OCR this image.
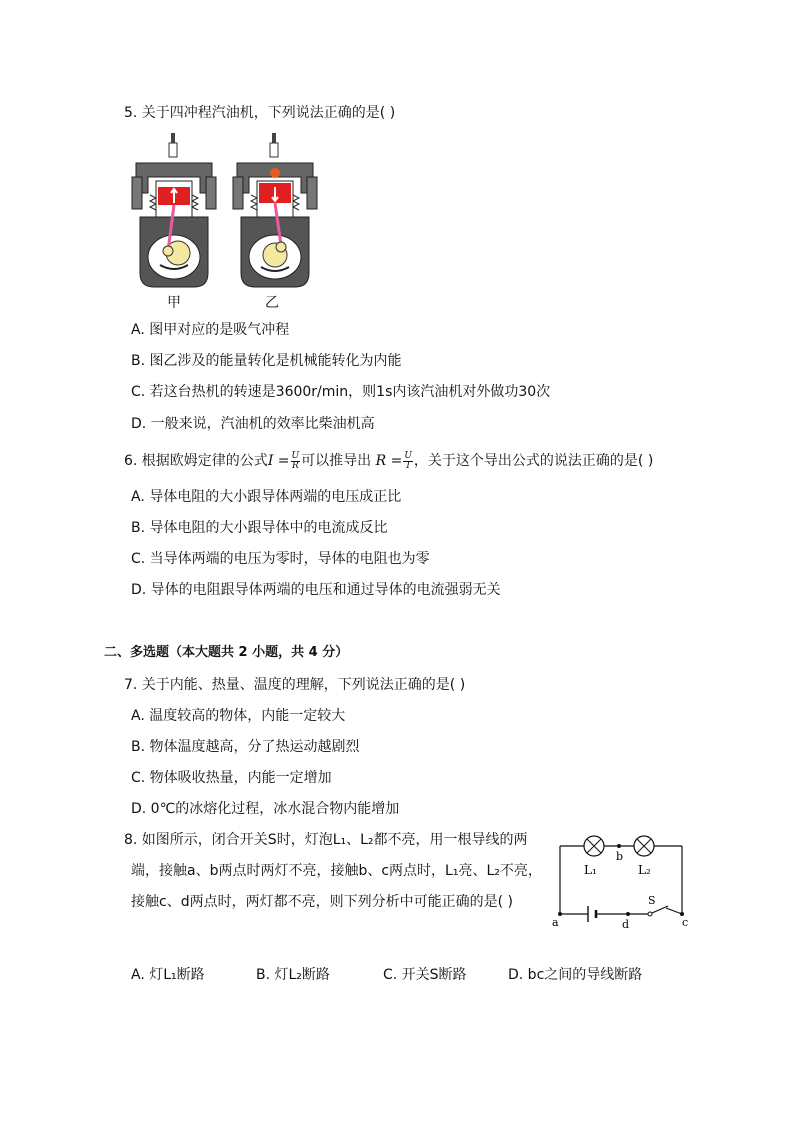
5. 关于四冲程汽油机，下列说法正确的是( )
甲	乙
A. 图甲对应的是吸气冲程
B. 图乙涉及的能量转化是机械能转化为内能
C. 若这台热机的转速是3600r/min，则1s内该汽油机对外做功30次
D. 一般来说，汽油机的效率比柴油机高
6. 根据欧姆定律的公式$I = \frac{U}{R}$ 可以推导出 $R = \frac{U}{I}$ ，关于这个导出公式的说法正确的是( )
A. 导体电阻的大小跟导体两端的电压成正比
B. 导体电阻的大小跟导体中的电流成反比
C. 当导体两端的电压为零时，导体的电阻也为零
D. 导体的电阻跟导体两端的电压和通过导体的电流强弱无关
二、多选题（本大题共 2 小题，共 4 分）
7. 关于内能、热量、温度的理解，下列说法正确的是( )
A. 温度较高的物体，内能一定较大
B. 物体温度越高，分了热运动越剧烈
C. 物体吸收热量，内能一定增加
D. 0℃的冰熔化过程，冰水混合物内能增加
8. 如图所示，闭合开关S时，灯泡L₁、L₂都不亮，用一根导线的两
端，接触a、b两点时两灯不亮，接触b、c两点时，L₁亮、L₂不亮，
接触c、d两点时，两灯都不亮，则下列分析中可能正确的是( )
L₁	L₂
b
a	d	c
S
A. 灯L₁断路	B. 灯L₂断路	C. 开关S断路	D. bc之间的导线断路
